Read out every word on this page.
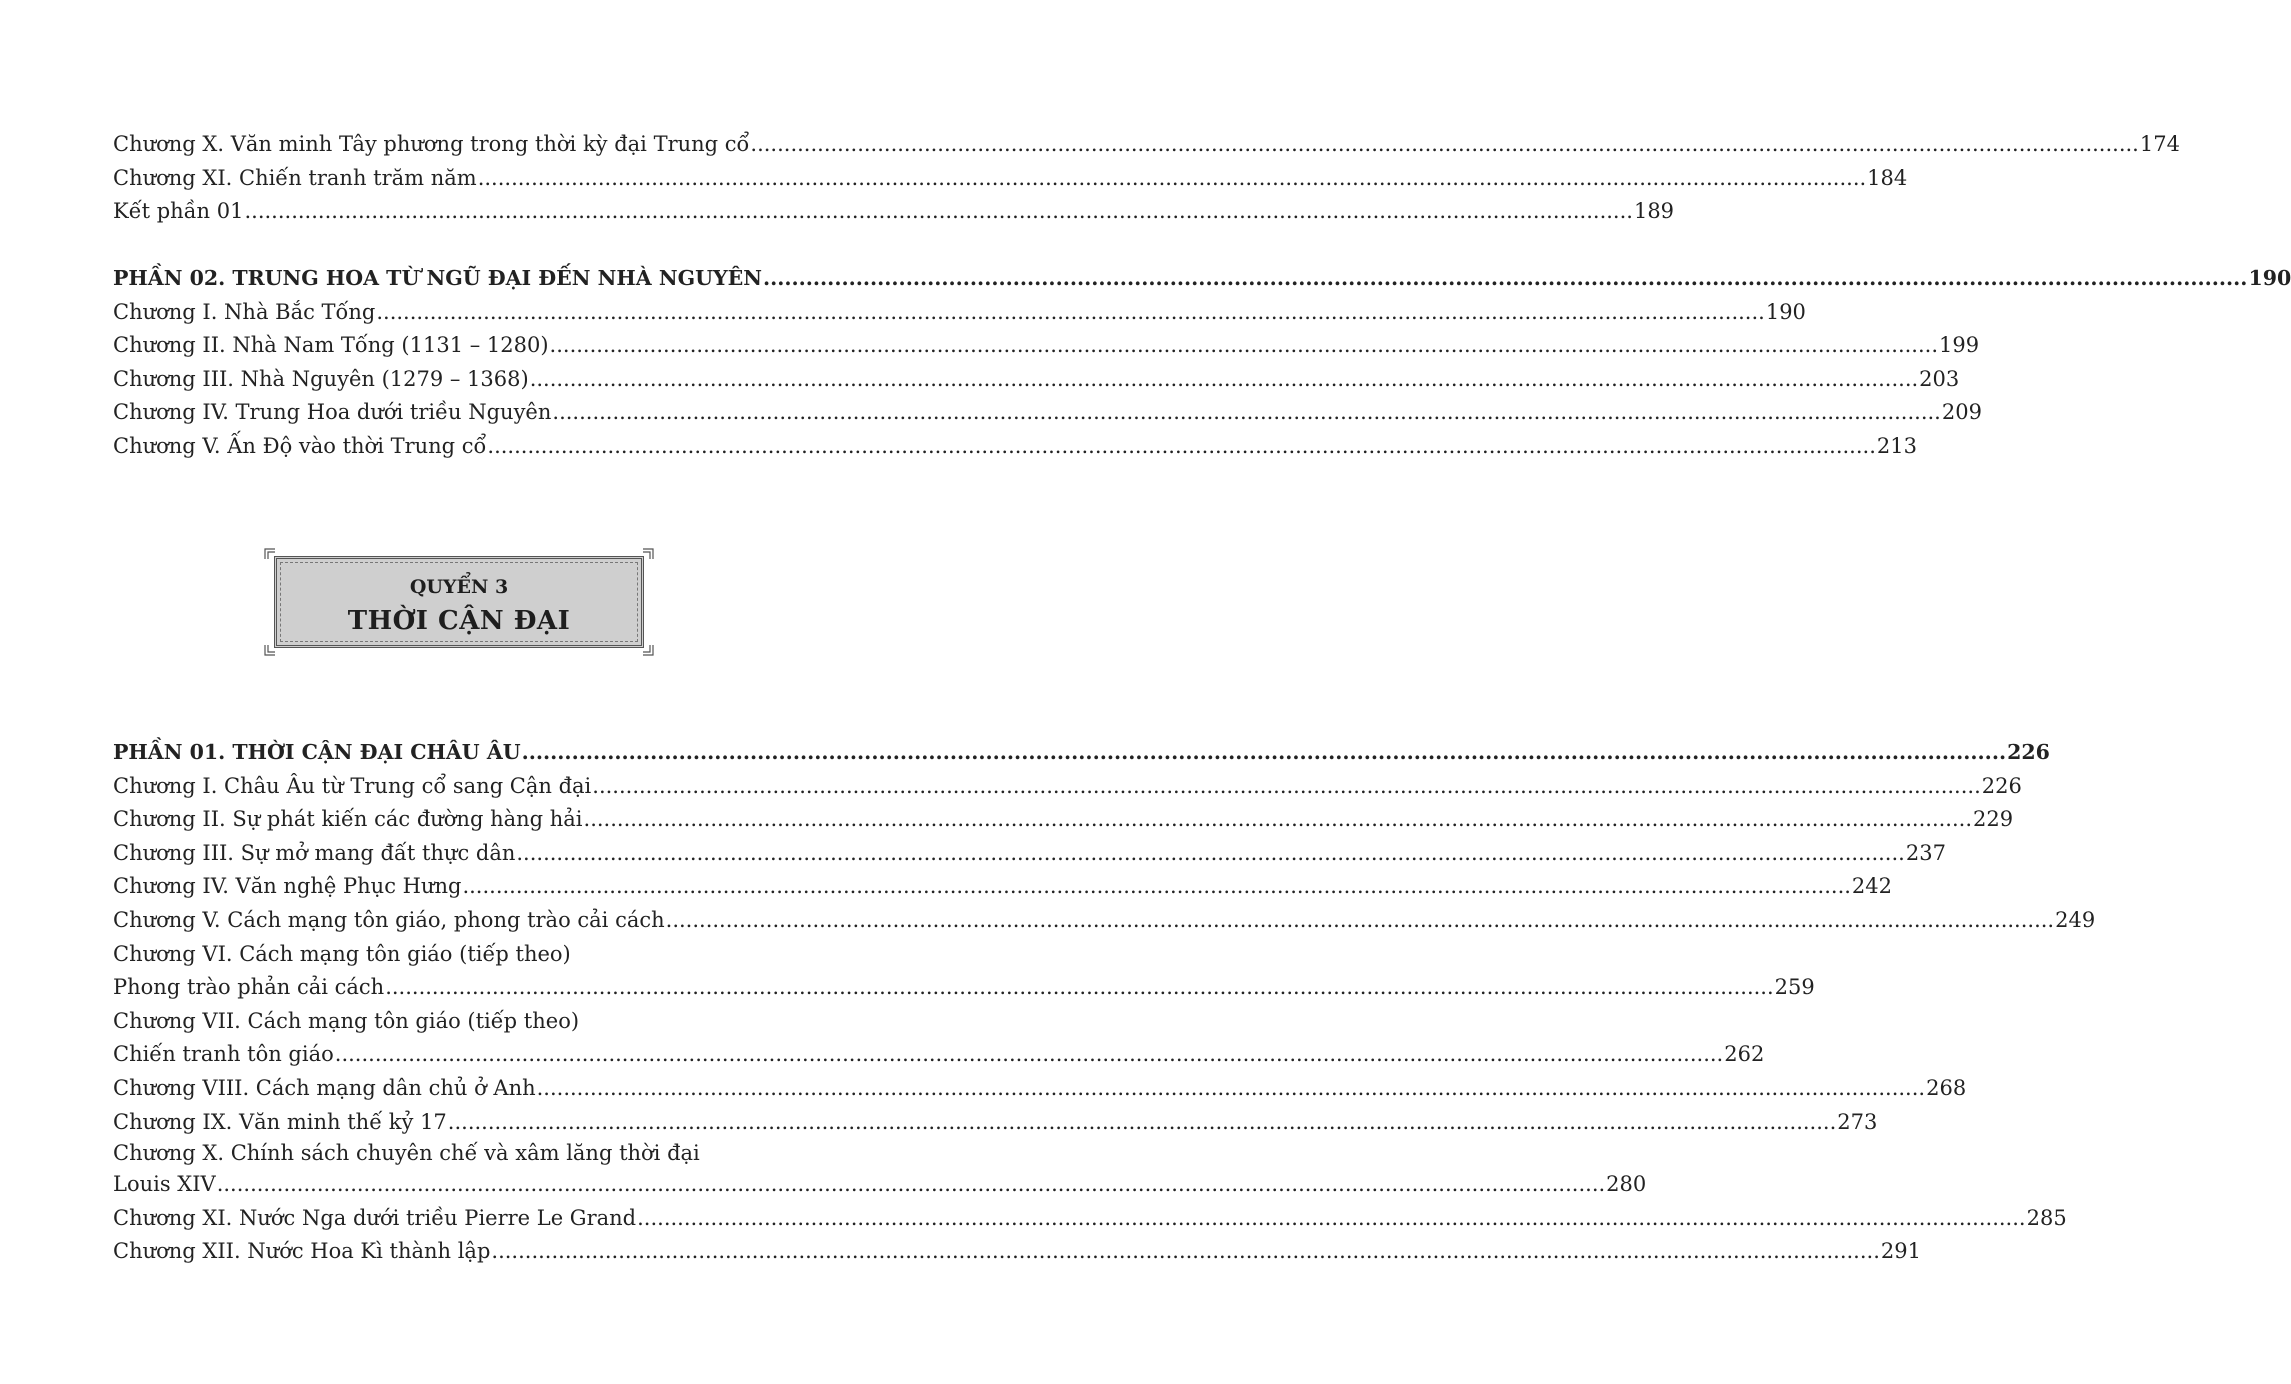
Chương X. Văn minh Tây phương trong thời kỳ đại Trung cổ .....	174
Chương XI. Chiến tranh trăm năm .....	184
Kết phần 01 .....	189
PHẦN 02. TRUNG HOA TỪ NGŨ ĐẠI ĐẾN NHÀ NGUYÊN .....	190
Chương I. Nhà Bắc Tống .....	190
Chương II. Nhà Nam Tống (1131 – 1280) .....	199
Chương III. Nhà Nguyên (1279 – 1368) .....	203
Chương IV. Trung Hoa dưới triều Nguyên .....	209
Chương V. Ấn Độ vào thời Trung cổ .....	213
QUYỂN 3
THỜI CẬN ĐẠI
PHẦN 01. THỜI CẬN ĐẠI CHÂU ÂU .....	226
Chương I. Châu Âu từ Trung cổ sang Cận đại .....	226
Chương II. Sự phát kiến các đường hàng hải .....	229
Chương III. Sự mở mang đất thực dân .....	237
Chương IV. Văn nghệ Phục Hưng .....	242
Chương V. Cách mạng tôn giáo, phong trào cải cách .....	249
Chương VI. Cách mạng tôn giáo (tiếp theo)
Phong trào phản cải cách .....	259
Chương VII. Cách mạng tôn giáo (tiếp theo)
Chiến tranh tôn giáo .....	262
Chương VIII. Cách mạng dân chủ ở Anh .....	268
Chương IX. Văn minh thế kỷ 17 .....	273
Chương X. Chính sách chuyên chế và xâm lăng thời đại
Louis XIV .....	280
Chương XI. Nước Nga dưới triều Pierre Le Grand .....	285
Chương XII. Nước Hoa Kì thành lập .....	291
